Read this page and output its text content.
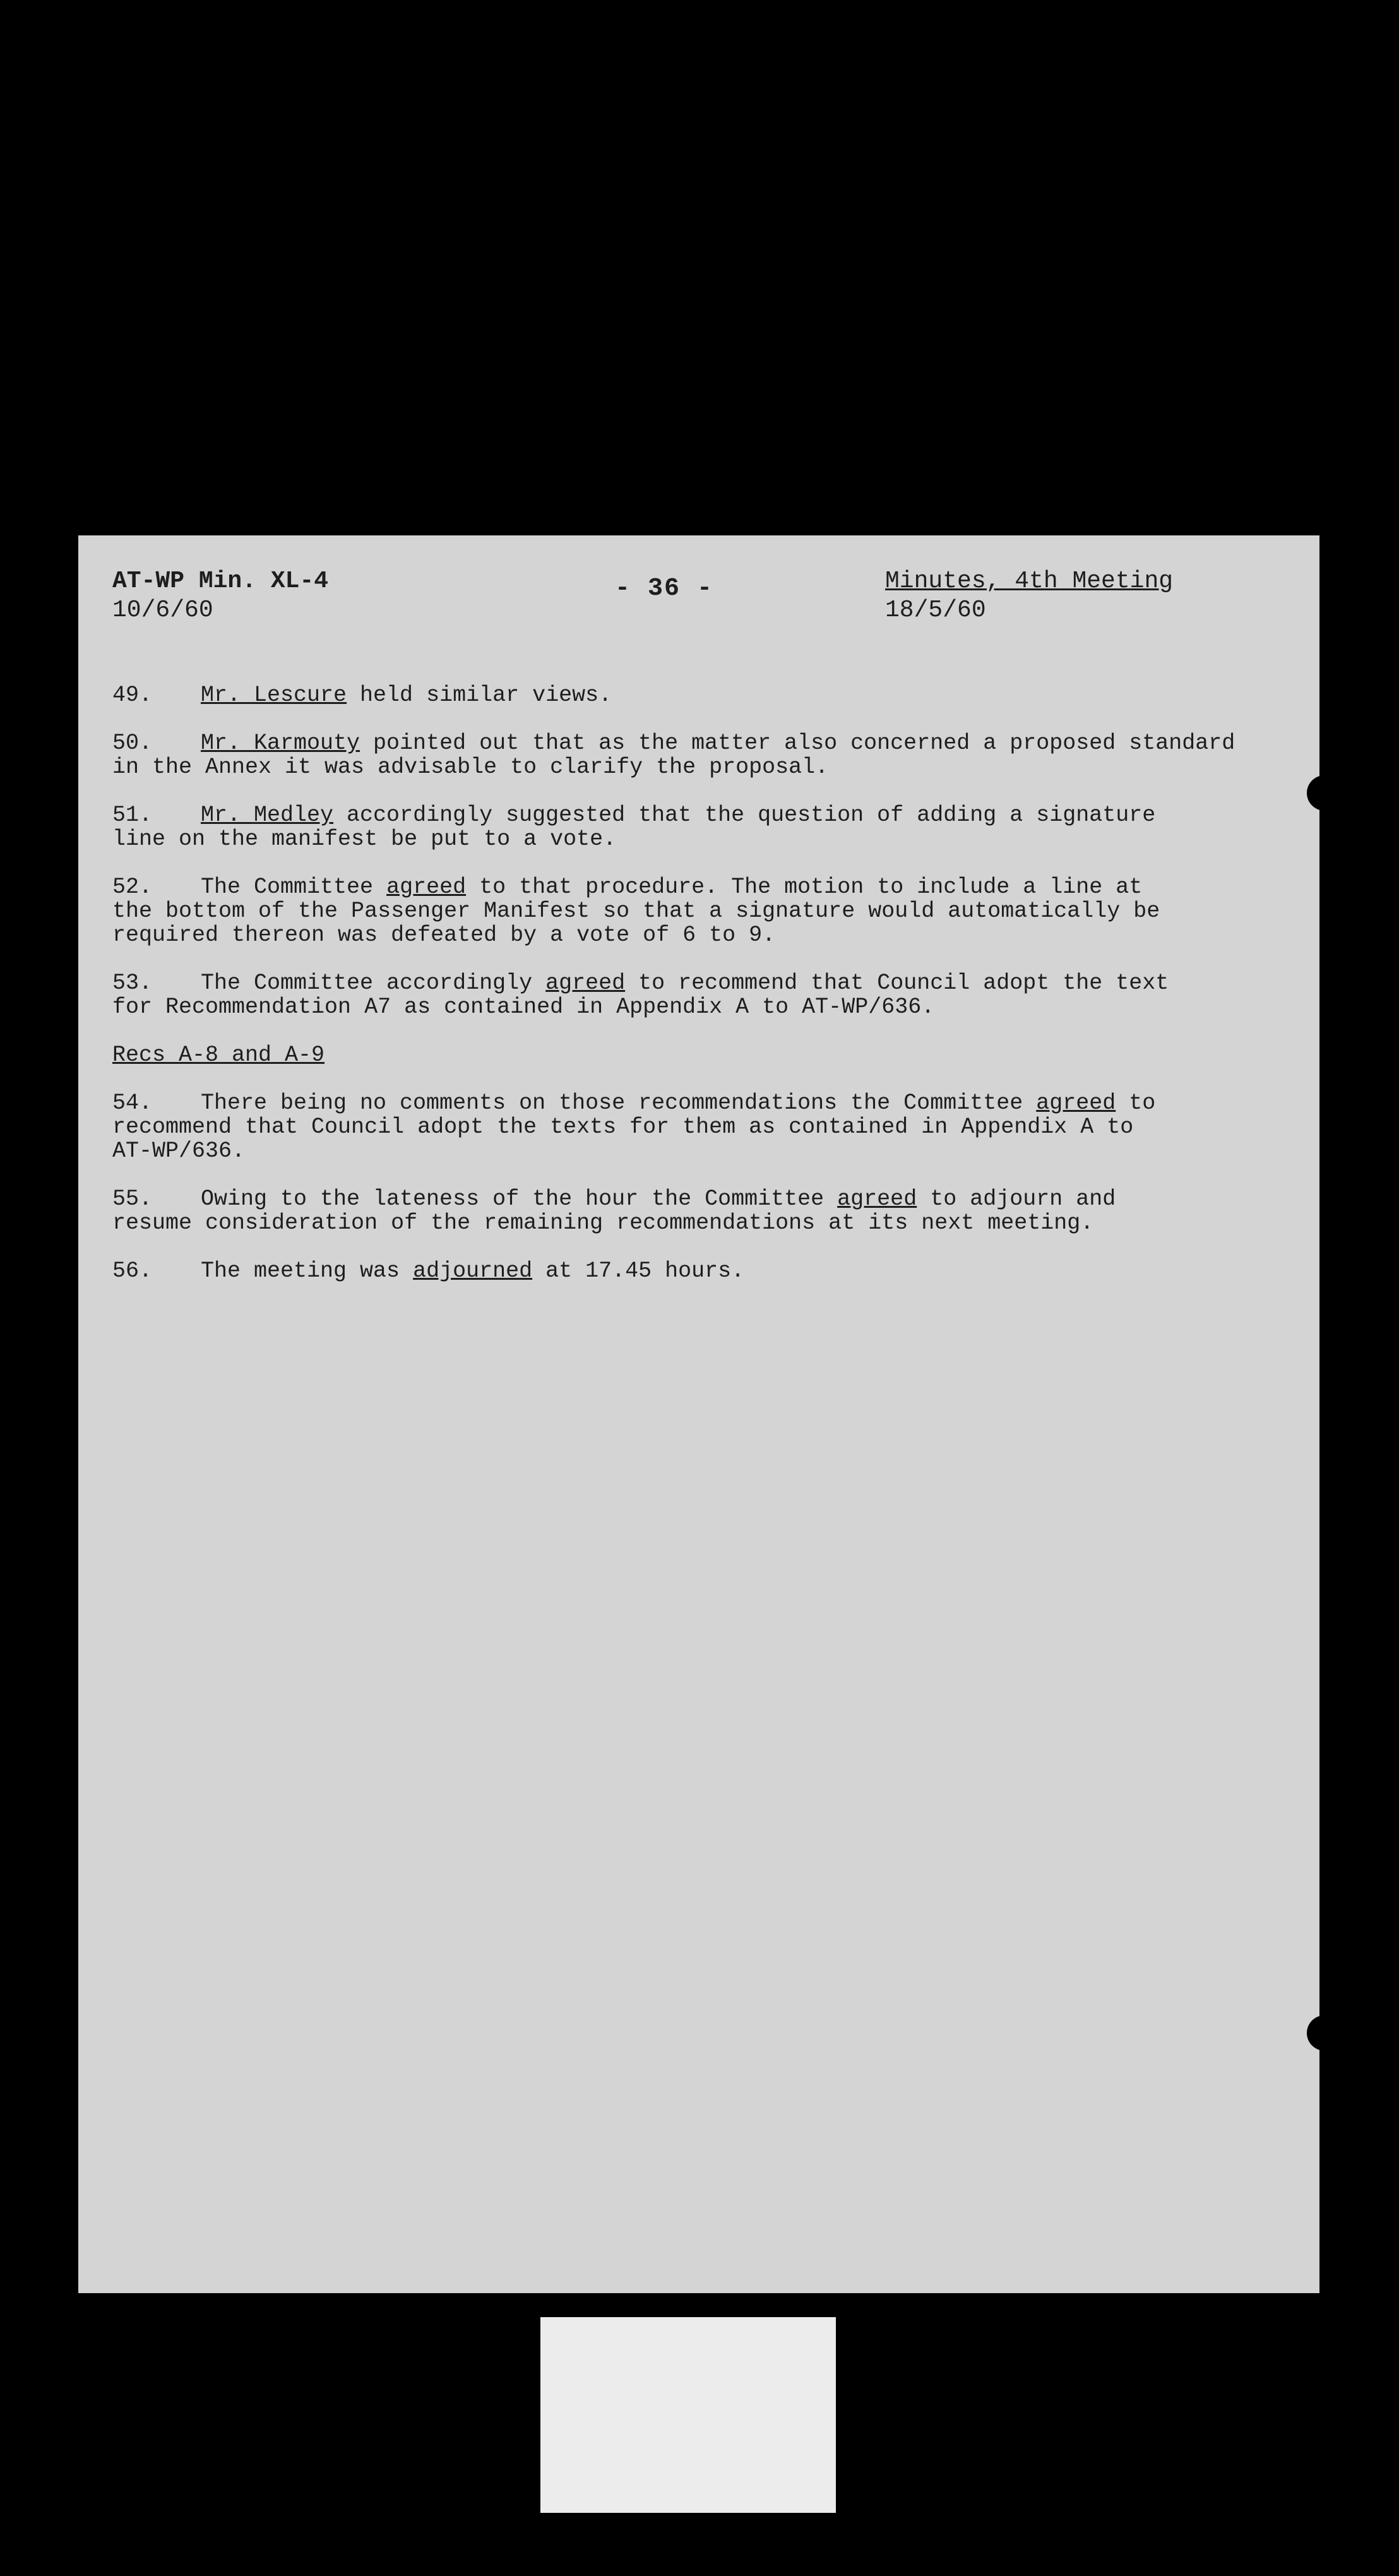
AT-WP Min. XL-4
10/6/60
- 36 -	Minutes, 4th Meeting
18/5/60

49. Mr. Lescure held similar views.

50. Mr. Karmouty pointed out that as the matter also concerned a proposed standard
in the Annex it was advisable to clarify the proposal.

51. Mr. Medley accordingly suggested that the question of adding a signature
line on the manifest be put to a vote.

52. The Committee agreed to that procedure. The motion to include a line at
the bottom of the Passenger Manifest so that a signature would automatically be
required thereon was defeated by a vote of 6 to 9.

53. The Committee accordingly agreed to recommend that Council adopt the text
for Recommendation A7 as contained in Appendix A to AT-WP/636.

Recs A-8 and A-9

54. There being no comments on those recommendations the Committee agreed to
recommend that Council adopt the texts for them as contained in Appendix A to
AT-WP/636.

55. Owing to the lateness of the hour the Committee agreed to adjourn and
resume consideration of the remaining recommendations at its next meeting.

56. The meeting was adjourned at 17.45 hours.
